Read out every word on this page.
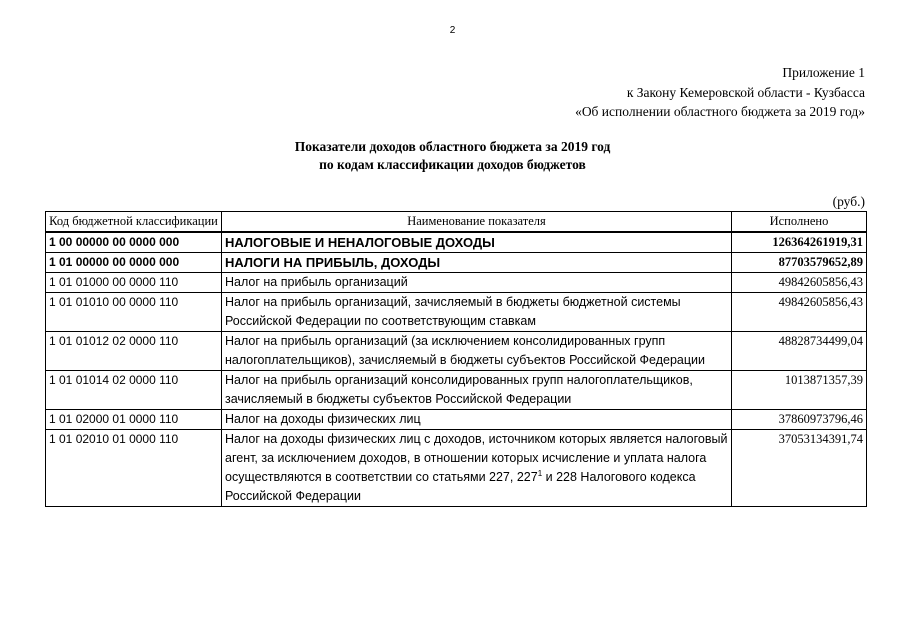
2
Приложение 1
к Закону Кемеровской области - Кузбасса
«Об исполнении областного бюджета за 2019 год»
Показатели доходов областного бюджета за 2019 год
по кодам классификации доходов бюджетов
(руб.)
Код бюджетной классификации	Наименование показателя	Исполнено
1 00 00000 00 0000 000	НАЛОГОВЫЕ И НЕНАЛОГОВЫЕ ДОХОДЫ	126364261919,31
1 01 00000 00 0000 000	НАЛОГИ НА ПРИБЫЛЬ, ДОХОДЫ	87703579652,89
1 01 01000 00 0000 110	Налог на прибыль организаций	49842605856,43
1 01 01010 00 0000 110	Налог на прибыль организаций, зачисляемый в бюджеты бюджетной системы Российской Федерации по соответствующим ставкам	49842605856,43
1 01 01012 02 0000 110	Налог на прибыль организаций (за исключением консолидированных групп налогоплательщиков), зачисляемый в бюджеты субъектов Российской Федерации	48828734499,04
1 01 01014 02 0000 110	Налог на прибыль организаций консолидированных групп налогоплательщиков, зачисляемый в бюджеты субъектов Российской Федерации	1013871357,39
1 01 02000 01 0000 110	Налог на доходы физических лиц	37860973796,46
1 01 02010 01 0000 110	Налог на доходы физических лиц с доходов, источником которых является налоговый агент, за исключением доходов, в отношении которых исчисление и уплата налога осуществляются в соответствии со статьями 227, $227^1$ и 228 Налогового кодекса Российской Федерации	37053134391,74
